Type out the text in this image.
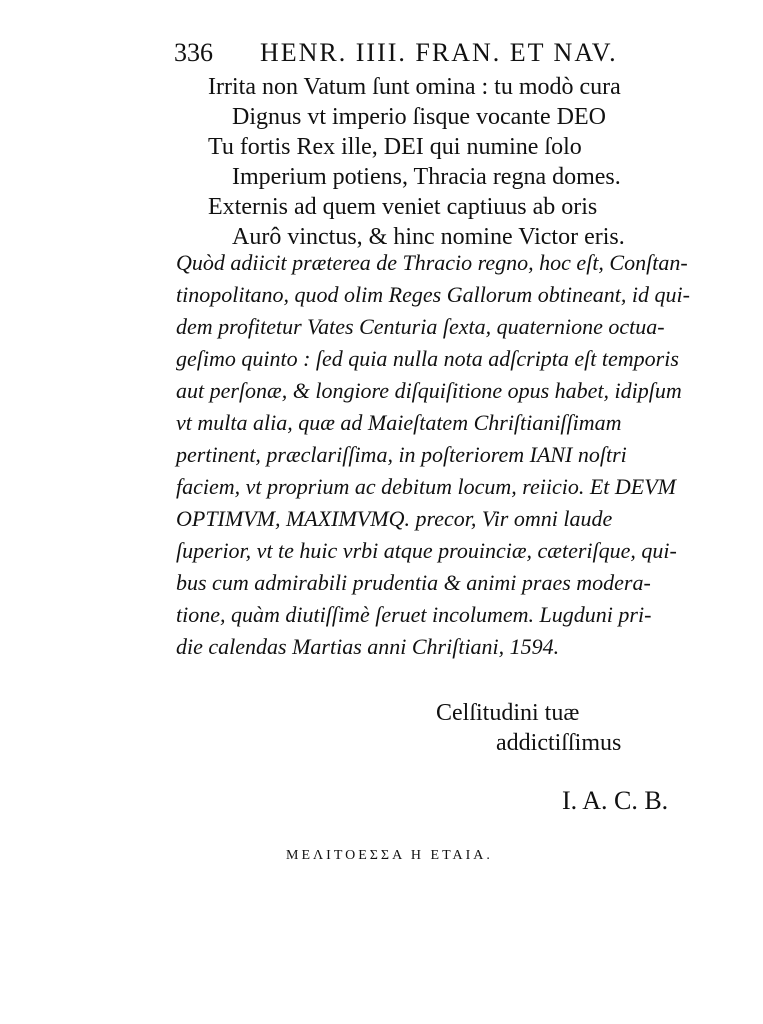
336 HENR. IIII. FRAN. ET NAV.
Irrita non Vatum ſunt omina : tu modò cura
Dignus vt imperio ſisque vocante DEO
Tu fortis Rex ille, DEI qui numine ſolo
Imperium potiens, Thracia regna domes.
Externis ad quem veniet captiuus ab oris
Aurô vinctus, & hinc nomine Victor eris.
Quòd adiicit præterea de Thracio regno, hoc eſt, Conſtan-
tinopolitano, quod olim Reges Gallorum obtineant, id qui-
dem profitetur Vates Centuria ſexta, quaternione octua-
geſimo quinto : ſed quia nulla nota adſcripta eſt temporis
aut perſonæ, & longiore diſquiſitione opus habet, idipſum
vt multa alia, quæ ad Maieſtatem Chriſtianiſſimam
pertinent, præclariſſima, in poſteriorem IANI noſtri
faciem, vt proprium ac debitum locum, reiicio. Et DEVM
OPTIMVM, MAXIMVMQ. precor, Vir omni laude
ſuperior, vt te huic vrbi atque prouinciæ, cæteriſque, qui-
bus cum admirabili prudentia & animi praes modera-
tione, quàm diutiſſimè ſeruet incolumem. Lugduni pri-
die calendas Martias anni Chriſtiani, 1594.
Celſitudini tuæ
addictiſſimus
I. A. C. B.
ΜΕΛΙΤΟΕΣΣΑ Η ΕΤΑΙΑ.
